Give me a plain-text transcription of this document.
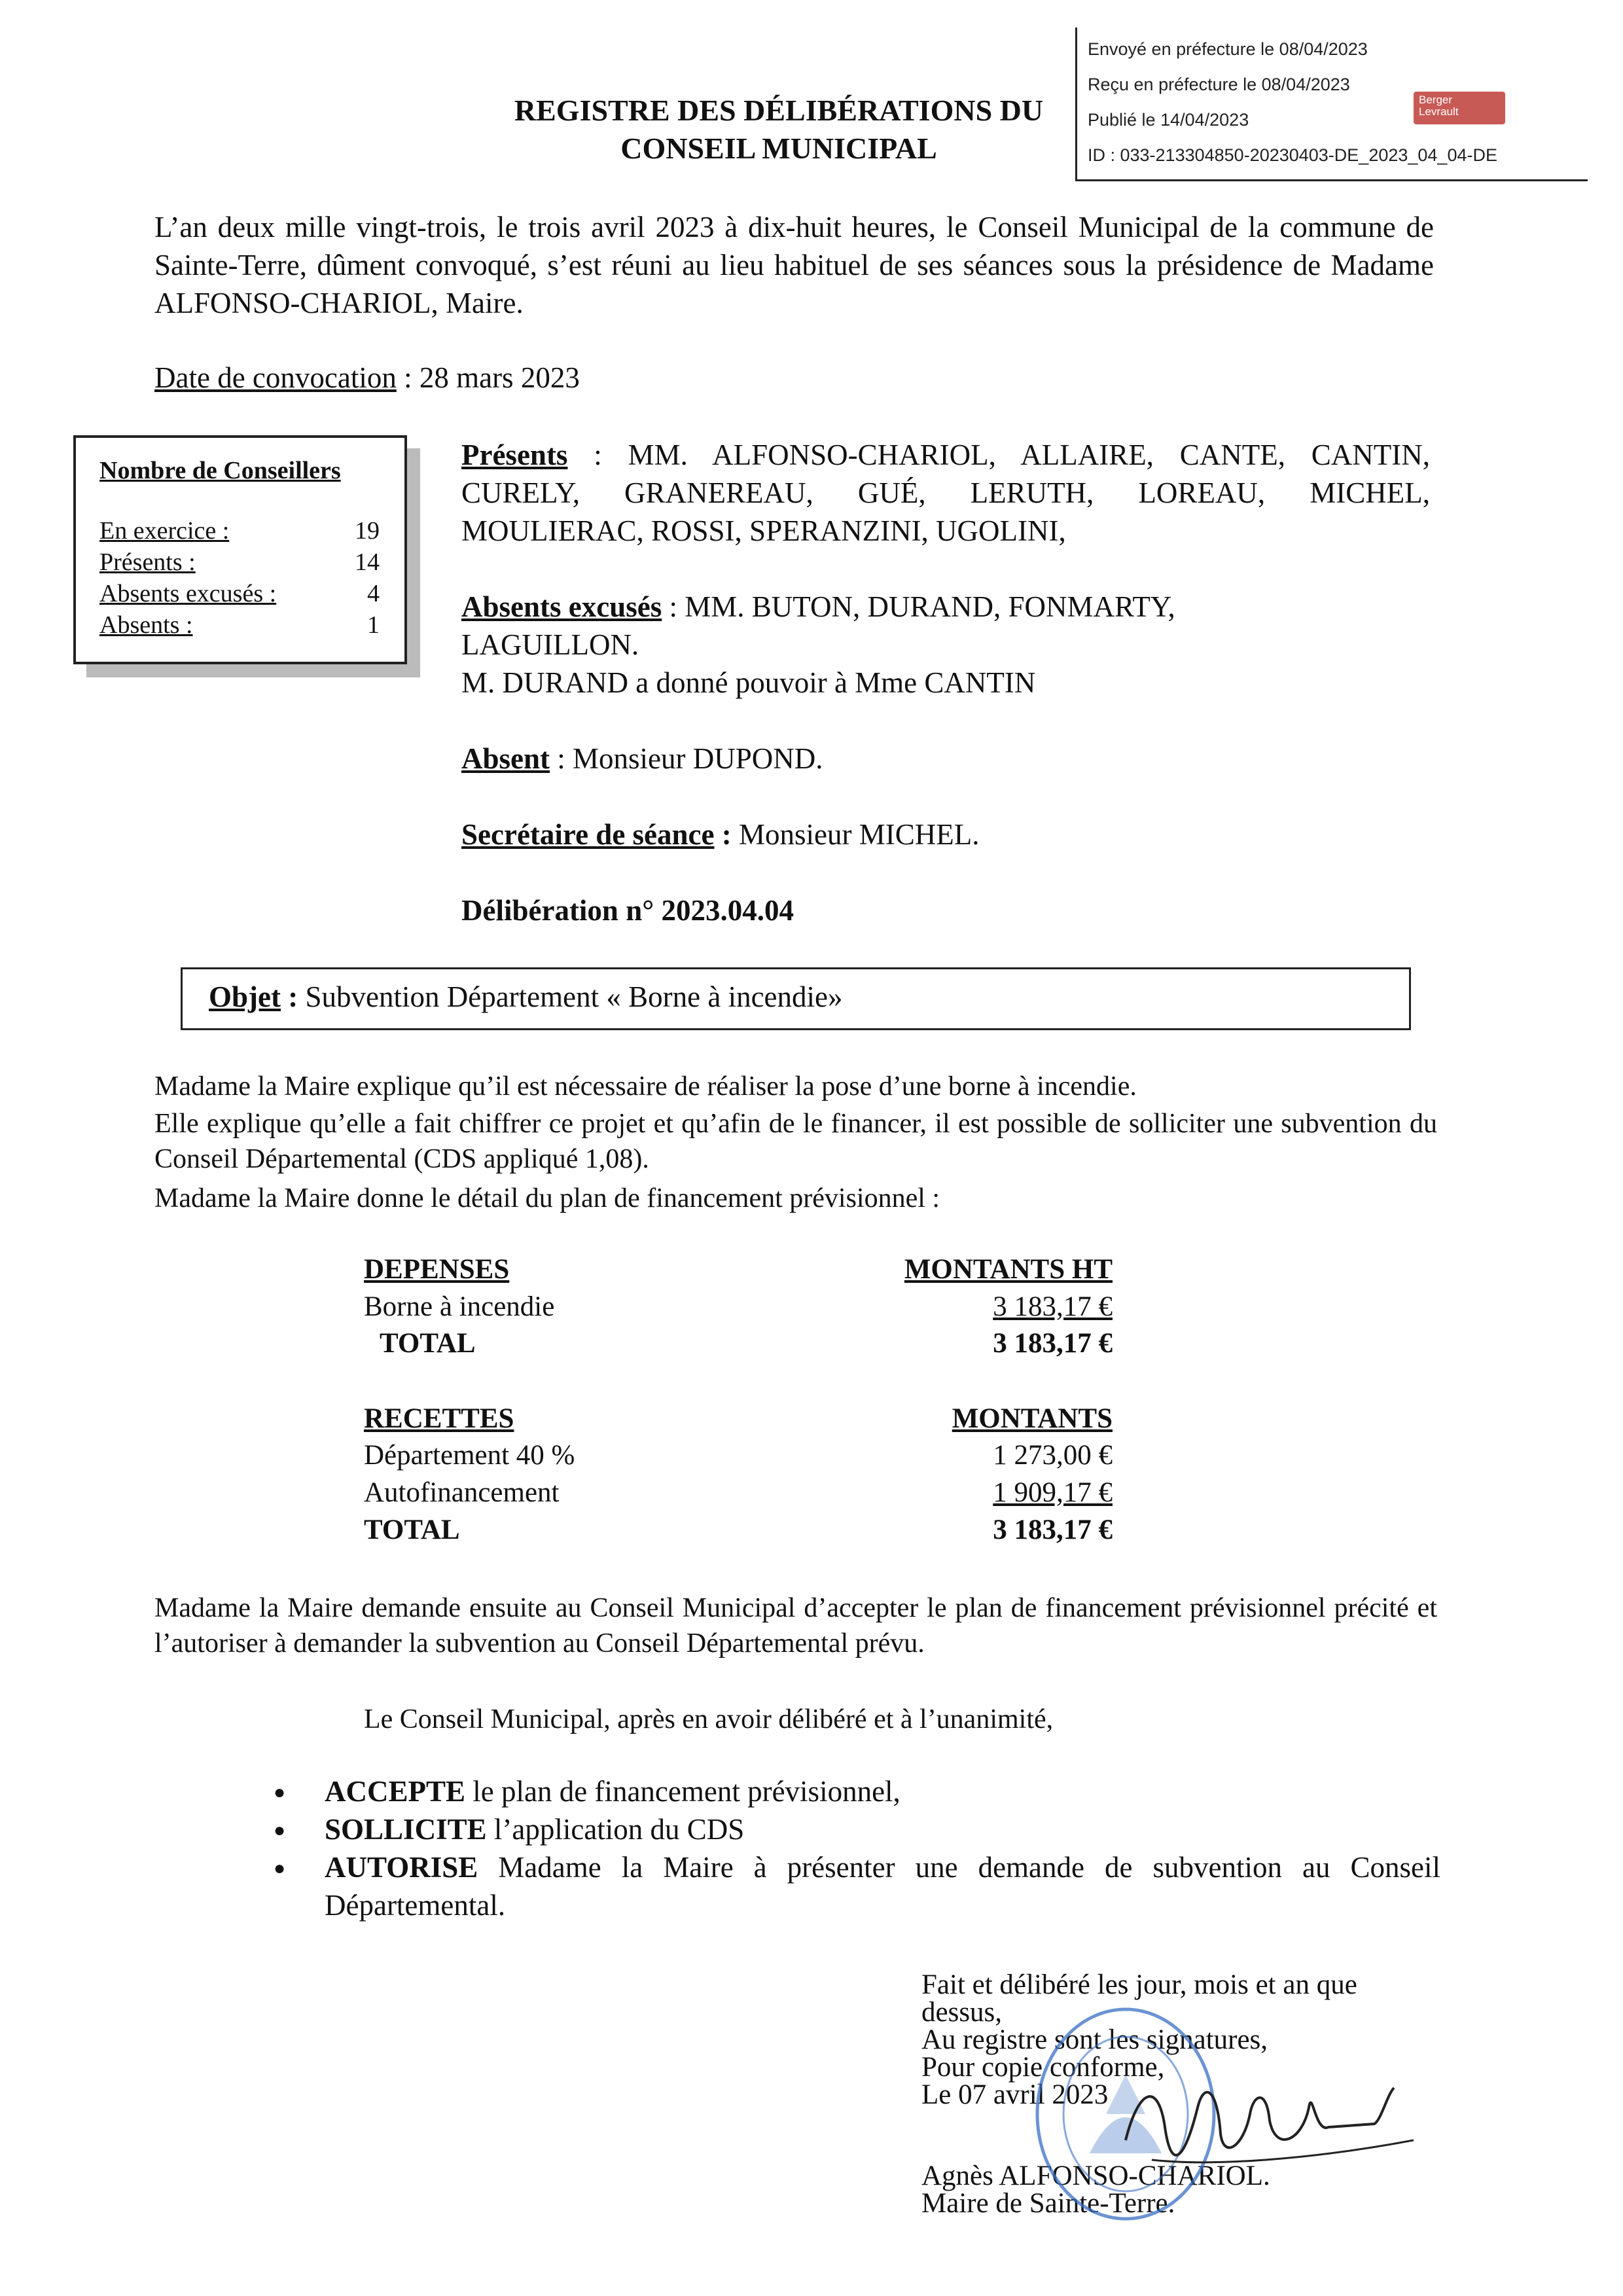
Envoyé en préfecture le 08/04/2023
Reçu en préfecture le 08/04/2023
Publié le 14/04/2023
ID : 033-213304850-20230403-DE_2023_04_04-DE
Berger
Levrault
REGISTRE DES DÉLIBÉRATIONS DU
CONSEIL MUNICIPAL
L’an deux mille vingt-trois, le trois avril 2023 à dix-huit heures, le Conseil Municipal de la commune de Sainte-Terre, dûment convoqué, s’est réuni au lieu habituel de ses séances sous la présidence de Madame ALFONSO-CHARIOL, Maire.
Date de convocation : 28 mars 2023
Nombre de Conseillers
En exercice :	19
Présents :	14
Absents excusés :	4
Absents :	1
Présents : MM. ALFONSO-CHARIOL, ALLAIRE, CANTE, CANTIN, CURELY, GRANEREAU, GUÉ, LERUTH, LOREAU, MICHEL, MOULIERAC, ROSSI, SPERANZINI, UGOLINI,
Absents excusés : MM. BUTON, DURAND, FONMARTY, LAGUILLON.
M. DURAND a donné pouvoir à Mme CANTIN
Absent : Monsieur DUPOND.
Secrétaire de séance : Monsieur MICHEL.
Délibération n° 2023.04.04
Objet : Subvention Département « Borne à incendie»
Madame la Maire explique qu’il est nécessaire de réaliser la pose d’une borne à incendie.
Elle explique qu’elle a fait chiffrer ce projet et qu’afin de le financer, il est possible de solliciter une subvention du Conseil Départemental (CDS appliqué 1,08).
Madame la Maire donne le détail du plan de financement prévisionnel :
DEPENSES	MONTANTS HT
Borne à incendie	3 183,17 €
TOTAL	3 183,17 €
RECETTES	MONTANTS
Département 40 %	1 273,00 €
Autofinancement	1 909,17 €
TOTAL	3 183,17 €
Madame la Maire demande ensuite au Conseil Municipal d’accepter le plan de financement prévisionnel précité et l’autoriser à demander la subvention au Conseil Départemental prévu.
Le Conseil Municipal, après en avoir délibéré et à l’unanimité,
● ACCEPTE le plan de financement prévisionnel,
● SOLLICITE l’application du CDS
● AUTORISE Madame la Maire à présenter une demande de subvention au Conseil Départemental.
Fait et délibéré les jour, mois et an que
dessus,
Au registre sont les signatures,
Pour copie conforme,
Le 07 avril 2023
Agnès ALFONSO-CHARIOL.
Maire de Sainte-Terre.
